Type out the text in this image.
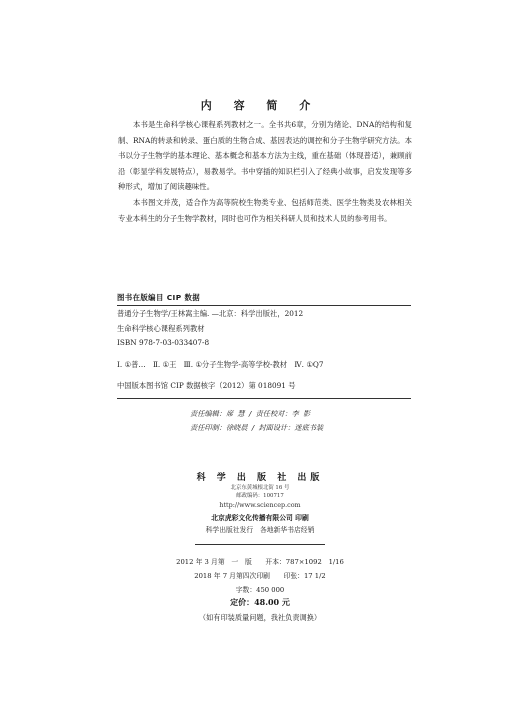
内 容 简 介

本书是生命科学核心课程系列教材之一。全书共6章，分别为绪论、DNA的结构和复制、RNA的转录和转录、蛋白质的生物合成、基因表达的调控和分子生物学研究方法。本书以分子生物学的基本理论、基本概念和基本方法为主线，重在基础（体现普适），兼顾前沿（彰显学科发展特点），易教易学。书中穿插的知识栏引入了经典小故事，启发发现等多种形式，增加了阅读趣味性。

本书图文并茂，适合作为高等院校生物类专业、包括师范类、医学生物类及农林相关专业本科生的分子生物学教材，同时也可作为相关科研人员和技术人员的参考用书。

图书在版编目 CIP 数据
普通分子生物学/王林嵩主编. —北京：科学出版社，2012
生命科学核心课程系列教材
ISBN 978-7-03-033407-8
Ⅰ. ①普…　Ⅱ. ①王　Ⅲ. ①分子生物学-高等学校-教材　Ⅳ. ①Q7
中国版本图书馆 CIP 数据核字（2012）第 018091 号
责任编辑：席 慧 / 责任校对：李 影
责任印制：徐晓晨 / 封面设计：迷底书装
科 学 出 版 社 出版
北京东黄城根北街 16 号
邮政编码：100717
http://www.sciencep.com
北京虎彩文化传播有限公司 印刷
科学出版社发行　各地新华书店经销
2012 年 3 月第　一　版　　开本：787×1092　1/16
2018 年 7 月第四次印刷　　印张：17 1/2
字数：450 000
定价：48.00 元
（如有印装质量问题，我社负责调换）
